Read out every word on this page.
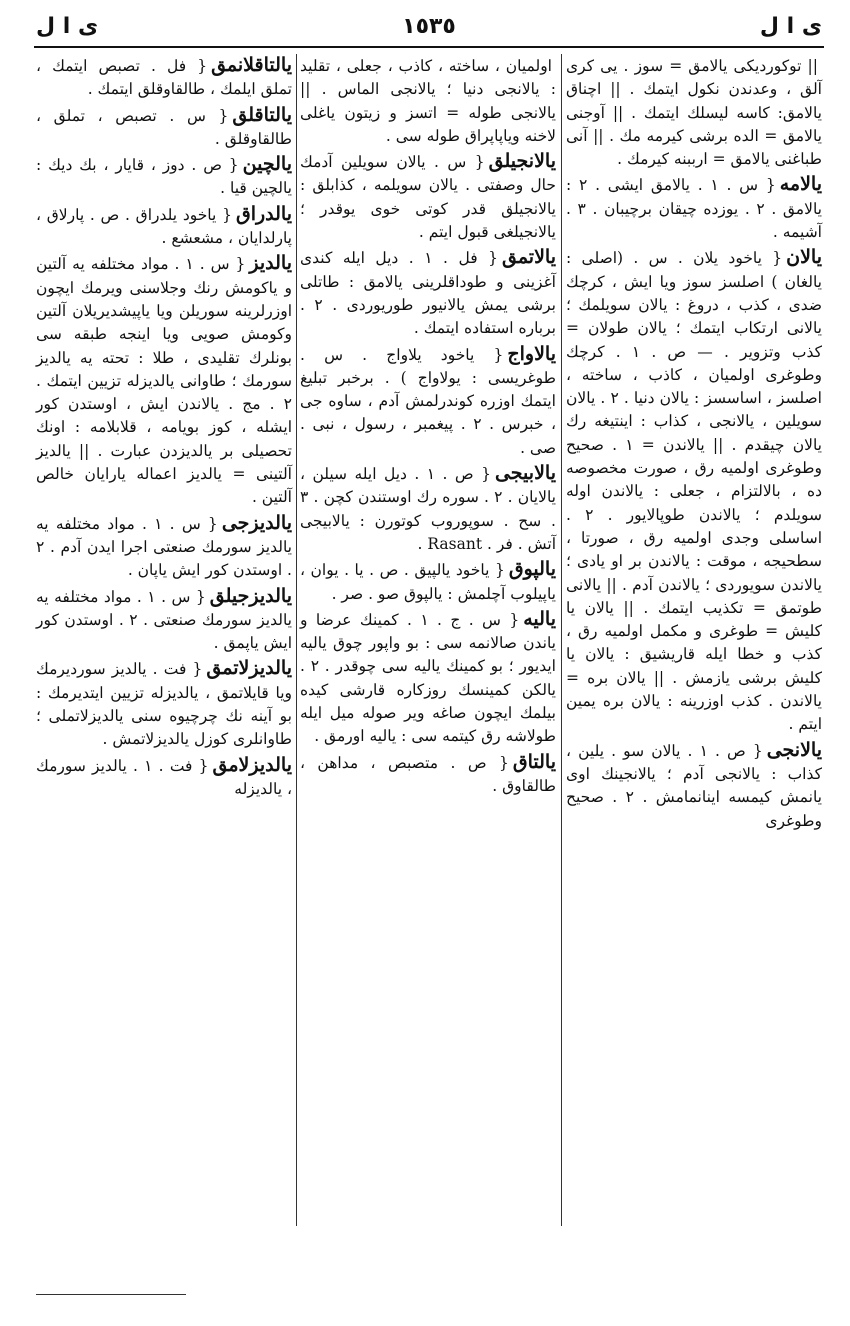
ی ا ل
١٥٣٥
ی ا ل

|| توکوردیکی یالامق = سوز . یی کری آلق ، وعدندن نکول ایتمك . || اچناق یالامق: کاسه لیسلك ایتمك . || آوجنی یالامق = الده برشی کیرمه مك . || آنی طباغنی یالامق = ارببنه کیرمك .

یالامه{ س . ١ . یالامق ایشی . ٢ : یالامق . ٢ . یوزده چیقان برچیبان . ٣ . آشیمه .

یالان{ یاخود یلان . س . (اصلی : یالغان ) اصلسز سوز ویا ایش ، کرچك ضدی ، کذب ، دروغ : یالان سویلمك ؛ یالانی ارتکاب ایتمك ؛ یالان طولان = کذب وتزویر . — ص . ١ . کرچك وطوغری اولمیان ، کاذب ، ساخته ، اصلسز ، اساسسز : یالان دنیا . ٢ . یالان سویلین ، یالانجی ، کذاب : اینتیغه رك یالان چیقدم . || یالاندن = ١ . صحیح وطوغری اولمیه رق ، صورت مخصوصه ده ، بالالتزام ، جعلی : یالاندن اوله سویلدم ؛ یالاندن طوپالایور . ٢ . اساسلی وجدی اولمیه رق ، صورتا ، سطحیجه ، موقت : یالاندن بر او یادی ؛ یالاندن سویوردی ؛ یالاندن آدم . || یالانی طوتمق = تکذیب ایتمك . || یالان یا کلیش = طوغری و مکمل اولمیه رق ، کذب و خطا ایله قاریشیق : یالان یا کلیش برشی یازمش . || یالان بره = یالاندن . کذب اوزرینه : یالان بره یمین ایتم .

یالانجی{ ص . ١ . یالان سو . یلین ، کذاب : یالانجی آدم ؛ یالانجینك اوی یانمش کیمسه اینانمامش . ٢ . صحیح وطوغری

اولمیان ، ساخته ، کاذب ، جعلی ، تقلید : یالانجی دنیا ؛ یالانجی الماس . || یالانجی طوله = اتسز و زیتون یاغلی لاخنه ویاپاپراق طوله سی .

یالانجیلق{ س . یالان سویلین آدمك حال وصفتی . یالان سویلمه ، کذابلق : یالانجیلق قدر کوتی خوی یوقدر ؛ یالانجیلغی قبول ایتم .

یالاتمق{ فل . ١ . دیل ایله کندی آغزینی و طوداقلرینی یالامق : طاتلی برشی یمش یالانیور طوریوردی . ٢ . برباره استفاده ایتمك .

یالاواج{ یاخود یلاواج . س . طوغریسی : یولاواج ) . برخبر تبلیغ ایتمك اوزره کوندرلمش آدم ، ساوه جی ، خبرس . ٢ . پیغمبر ، رسول ، نبی . صی .

یالابیجی{ ص . ١ . دیل ایله سیلن ، یالایان . ٢ . سوره رك اوستندن کچن . ٣ . سح . سوپوروب کوتورن : یالابیجی آتش . فر . Rasant .

یالپوق{ یاخود یالپیق . ص . یا . یوان ، یاپیلوب آچلمش : یالپوق صو . صر .

یالیه{ س . ج . ١ . کمینك عرضا و یاندن صالانمه سی : بو واپور چوق یالیه ایدیور ؛ بو کمینك یالیه سی چوقدر . ٢ . یالکن کمینسك روزکاره قارشی کیده بیلمك ایچون صاغه ویر صوله میل ایله طولاشه رق کیتمه سی : یالیه اورمق .

یالتاق{ ص . متصبص ، مداهن ، طالقاوق .

یالتاقلانمق{ فل . تصبص ایتمك ، تملق ایلمك ، طالقاوقلق ایتمك .

یالتاقلق{ س . تصبص ، تملق ، طالقاوقلق .

یالچین{ ص . دوز ، قایار ، بك دیك : یالچین قیا .

یالدراق{ یاخود یلدراق . ص . پارلاق ، پارلدایان ، مشعشع .

یالدیز{ س . ١ . مواد مختلفه یه آلتین و یاکومش رنك وجلاسنی ویرمك ایچون اوزرلرینه سوریلن ویا یاپیشدیریلان آلتین وکومش صویی ویا اینجه طبقه سی بونلرك تقلیدی ، طلا : تحته یه یالدیز سورمك ؛ طاوانی یالدیزله تزیین ایتمك . ٢ . مج . یالاندن ایش ، اوستدن کور ایشله ، کوز بویامه ، قلابلامه : اونك تحصیلی بر یالدیزدن عبارت . || یالدیز آلتینی = یالدیز اعماله یارایان خالص آلتین .

یالدیزجی{ س . ١ . مواد مختلفه یه یالدیز سورمك صنعتی اجرا ایدن آدم . ٢ . اوستدن کور ایش یاپان .

یالدیزجیلق{ س . ١ . مواد مختلفه یه یالدیز سورمك صنعتی . ٢ . اوستدن کور ایش یاپمق .

یالدیزلاتمق{ فت . یالدیز سوردیرمك ویا قایلاتمق ، یالدیزله تزیین ایتدیرمك : بو آینه نك چرچیوه سنی یالدیزلاتملی ؛ طاوانلری کوزل یالدیزلاتمش .

یالدیزلامق{ فت . ١ . یالدیز سورمك ، یالدیزله
